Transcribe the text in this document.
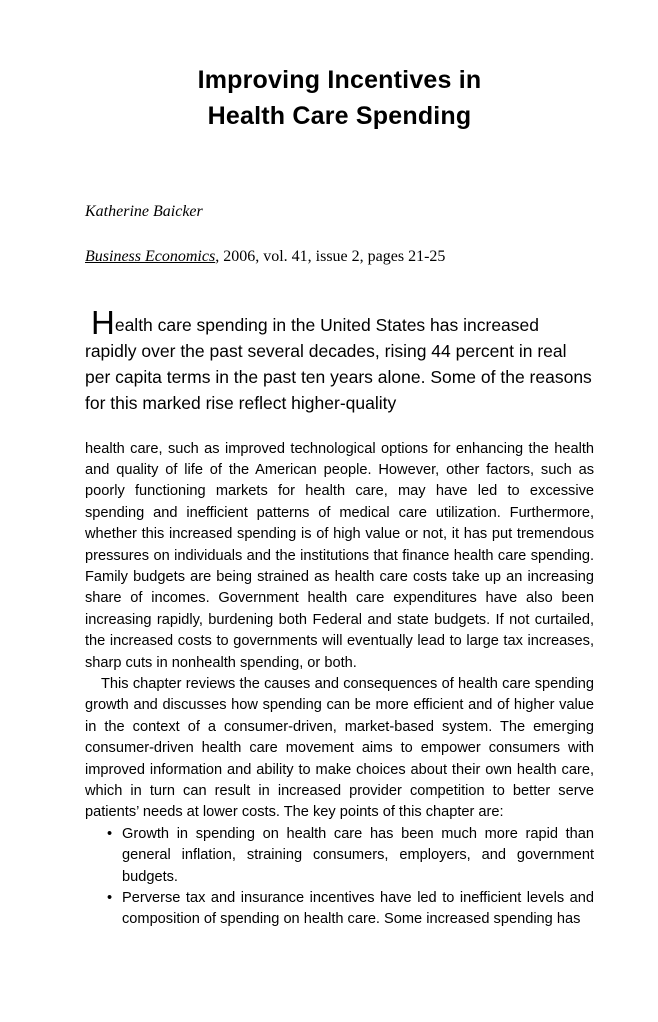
Improving Incentives in
Health Care Spending

Katherine Baicker

Business Economics, 2006, vol. 41, issue 2, pages 21-25

Health care spending in the United States has increased rapidly over the past several decades, rising 44 percent in real per capita terms in the past ten years alone. Some of the reasons for this marked rise reflect higher-quality

health care, such as improved technological options for enhancing the health and quality of life of the American people. However, other factors, such as poorly functioning markets for health care, may have led to excessive spending and inefficient patterns of medical care utilization. Furthermore, whether this increased spending is of high value or not, it has put tremendous pressures on individuals and the institutions that finance health care spending. Family budgets are being strained as health care costs take up an increasing share of incomes. Government health care expenditures have also been increasing rapidly, burdening both Federal and state budgets. If not curtailed, the increased costs to governments will eventually lead to large tax increases, sharp cuts in nonhealth spending, or both.

This chapter reviews the causes and consequences of health care spending growth and discusses how spending can be more efficient and of higher value in the context of a consumer-driven, market-based system. The emerging consumer-driven health care movement aims to empower consumers with improved information and ability to make choices about their own health care, which in turn can result in increased provider competition to better serve patients’ needs at lower costs. The key points of this chapter are:

• Growth in spending on health care has been much more rapid than general inflation, straining consumers, employers, and government budgets.
• Perverse tax and insurance incentives have led to inefficient levels and composition of spending on health care. Some increased spending has
